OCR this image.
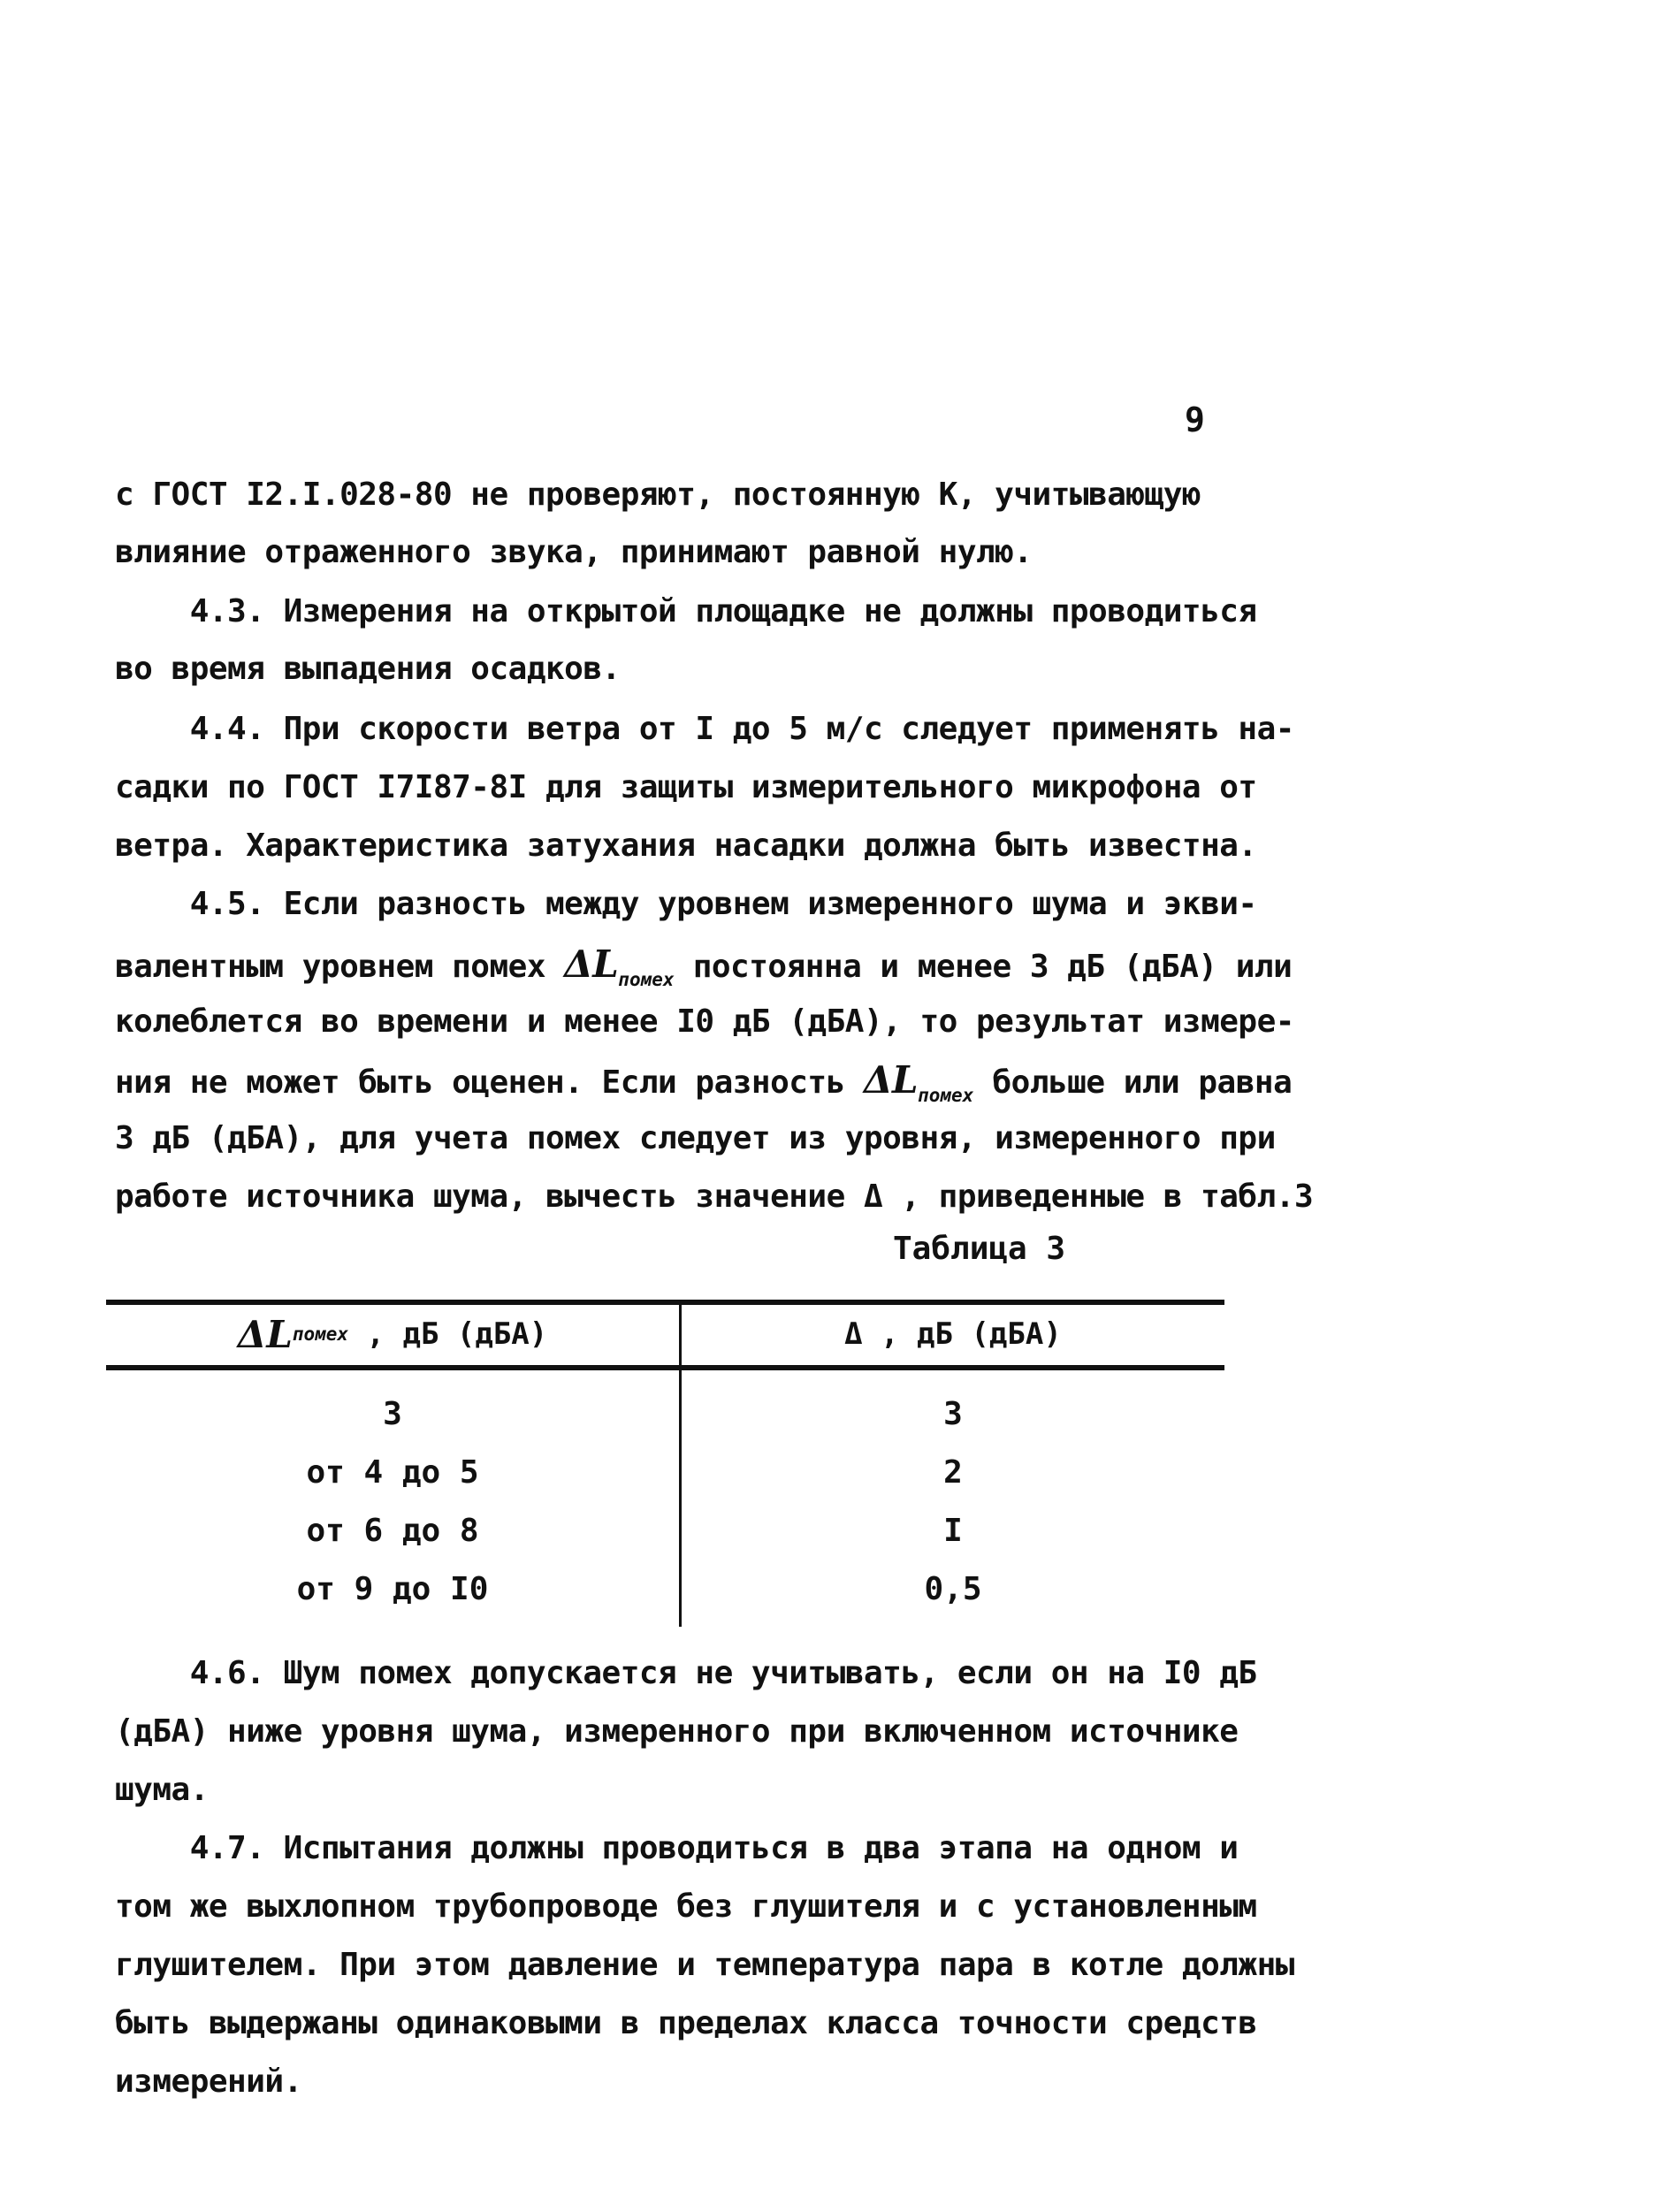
9
с ГОСТ I2.I.028-80 не проверяют, постоянную К, учитывающую
влияние отраженного звука, принимают равной нулю.
4.3. Измерения на открытой площадке не должны проводиться
во время выпадения осадков.
4.4. При скорости ветра от I до 5 м/с следует применять на-
садки по ГОСТ I7I87-8I для защиты измерительного микрофона от
ветра. Характеристика затухания насадки должна быть известна.
4.5. Если разность между уровнем измеренного шума и экви-
валентным уровнем помех $\Delta L_{помех}$ постоянна и менее 3 дБ (дБА) или
колеблется во времени и менее I0 дБ (дБА), то результат измере-
ния не может быть оценен. Если разность $\Delta L_{помех}$ больше или равна
3 дБ (дБА), для учета помех следует из уровня, измеренного при
работе источника шума, вычесть значение Δ , приведенные в табл.3
Таблица 3
ΔL помех , дБ (дБА)	Δ , дБ (дБА)
3	3
от 4 до 5	2
от 6 до 8	I
от 9 до I0	0,5
4.6. Шум помех допускается не учитывать, если он на I0 дБ
(дБА) ниже уровня шума, измеренного при включенном источнике
шума.
4.7. Испытания должны проводиться в два этапа на одном и
том же выхлопном трубопроводе без глушителя и с установленным
глушителем. При этом давление и температура пара в котле должны
быть выдержаны одинаковыми в пределах класса точности средств
измерений.
